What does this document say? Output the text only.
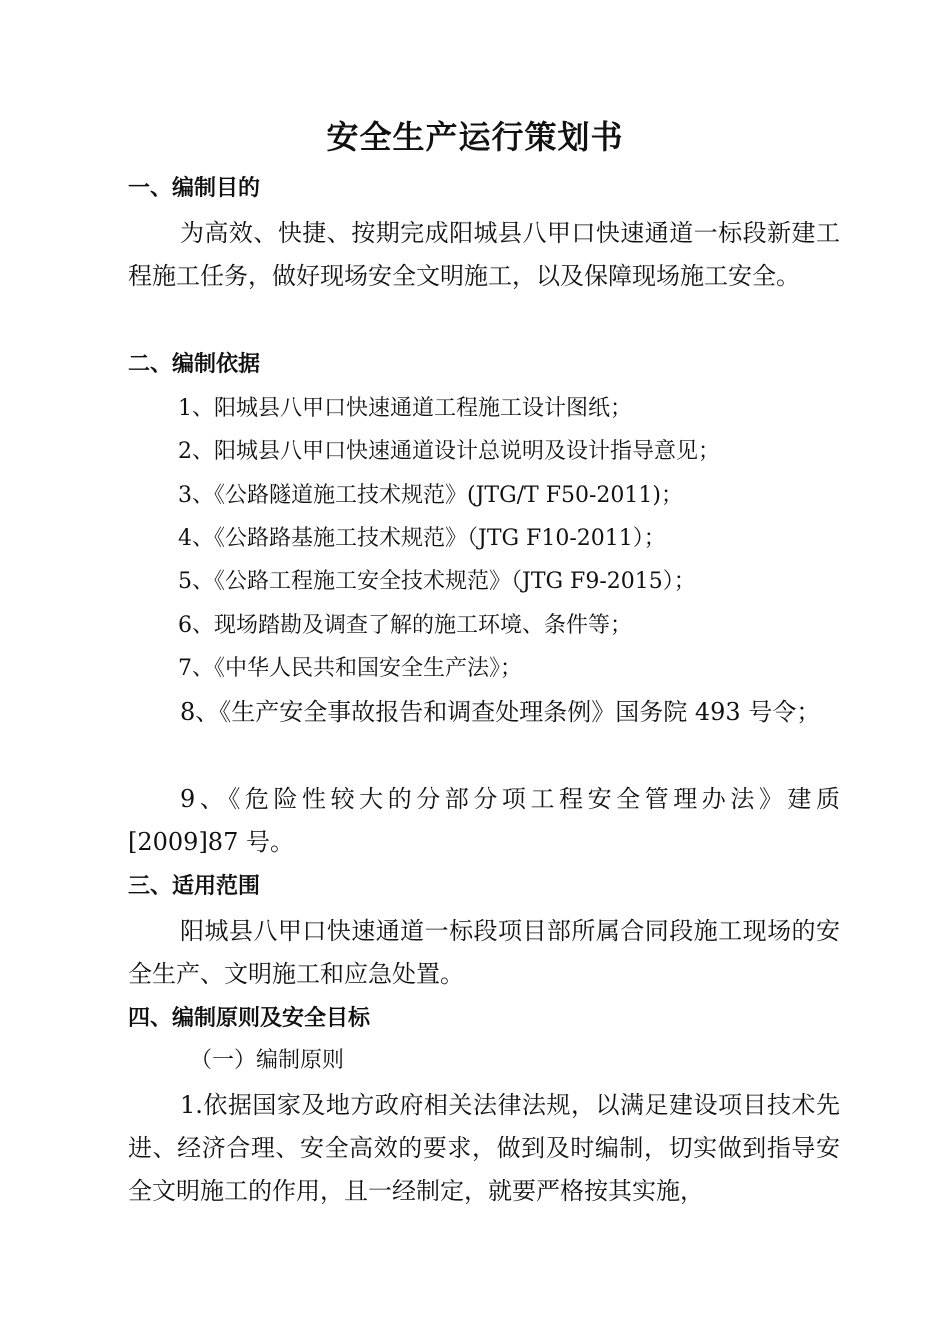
安全生产运行策划书
一、编制目的

为高效、快捷、按期完成阳城县八甲口快速通道一标段新建工程施工任务，做好现场安全文明施工，以及保障现场施工安全。

二、编制依据
1、阳城县八甲口快速通道工程施工设计图纸；
2、阳城县八甲口快速通道设计总说明及设计指导意见；
3、《公路隧道施工技术规范》(JTG/T F50-2011)；
4、《公路路基施工技术规范》（JTG F10-2011）；
5、《公路工程施工安全技术规范》（JTG F9-2015）；
6、现场踏勘及调查了解的施工环境、条件等；
7、《中华人民共和国安全生产法》；

8、《生产安全事故报告和调查处理条例》国务院 493 号令；

9、《危险性较大的分部分项工程安全管理办法》建质[2009]87 号。

三、适用范围

阳城县八甲口快速通道一标段项目部所属合同段施工现场的安全生产、文明施工和应急处置。

四、编制原则及安全目标
（一）编制原则

1.依据国家及地方政府相关法律法规，以满足建设项目技术先进、经济合理、安全高效的要求，做到及时编制，切实做到指导安全文明施工的作用，且一经制定，就要严格按其实施，
